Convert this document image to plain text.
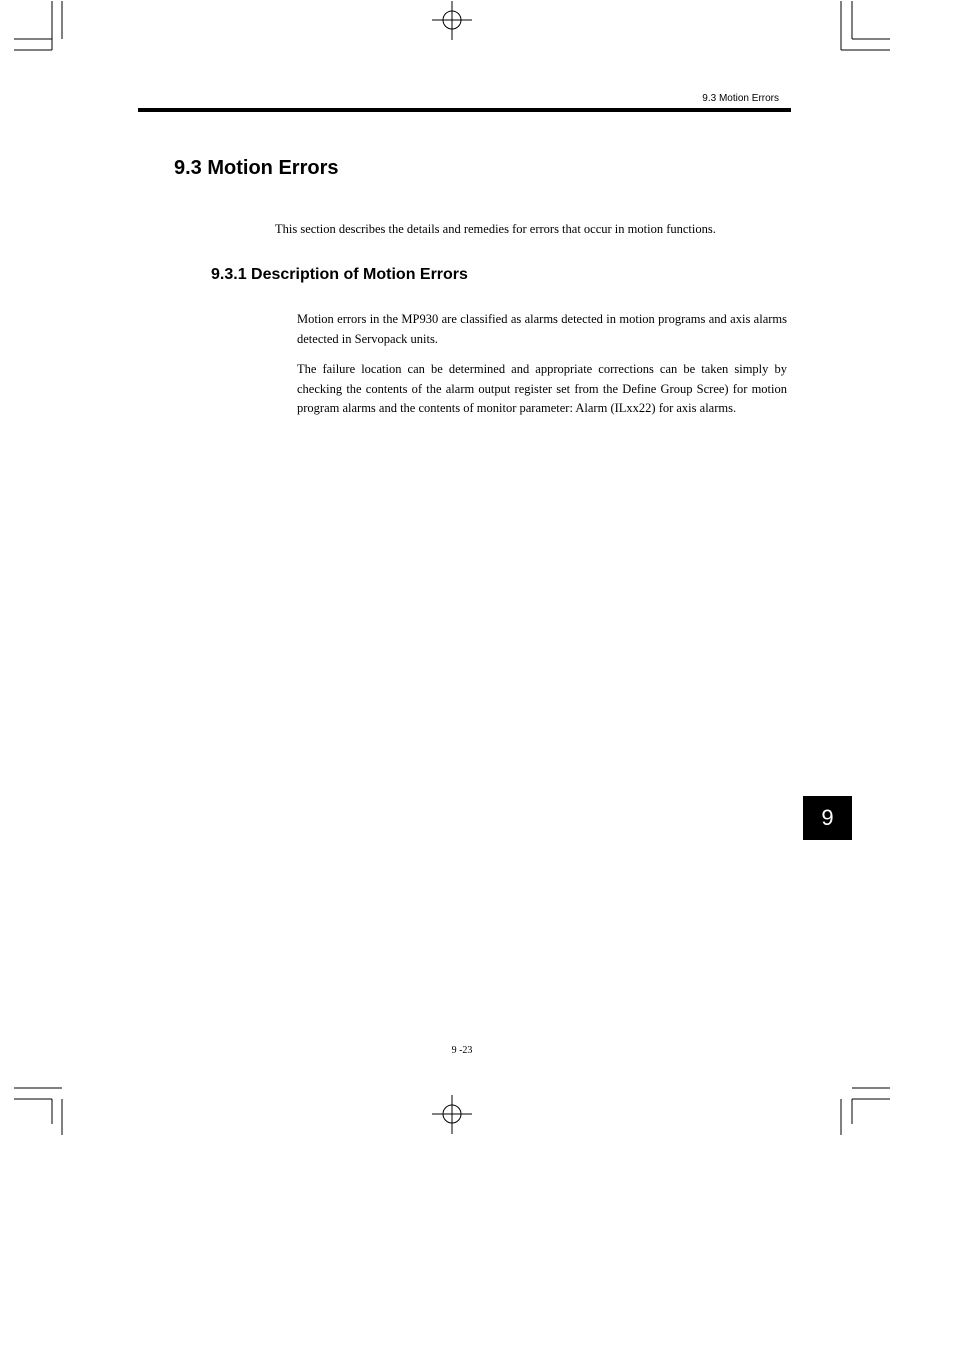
9.3 Motion Errors
9.3 Motion Errors
This section describes the details and remedies for errors that occur in motion functions.
9.3.1 Description of Motion Errors
Motion errors in the MP930 are classified as alarms detected in motion programs and axis alarms detected in Servopack units.
The failure location can be determined and appropriate corrections can be taken simply by checking the contents of the alarm output register set from the Define Group Scree) for motion program alarms and the contents of monitor parameter: Alarm (ILxx22) for axis alarms.
9
9 -23
